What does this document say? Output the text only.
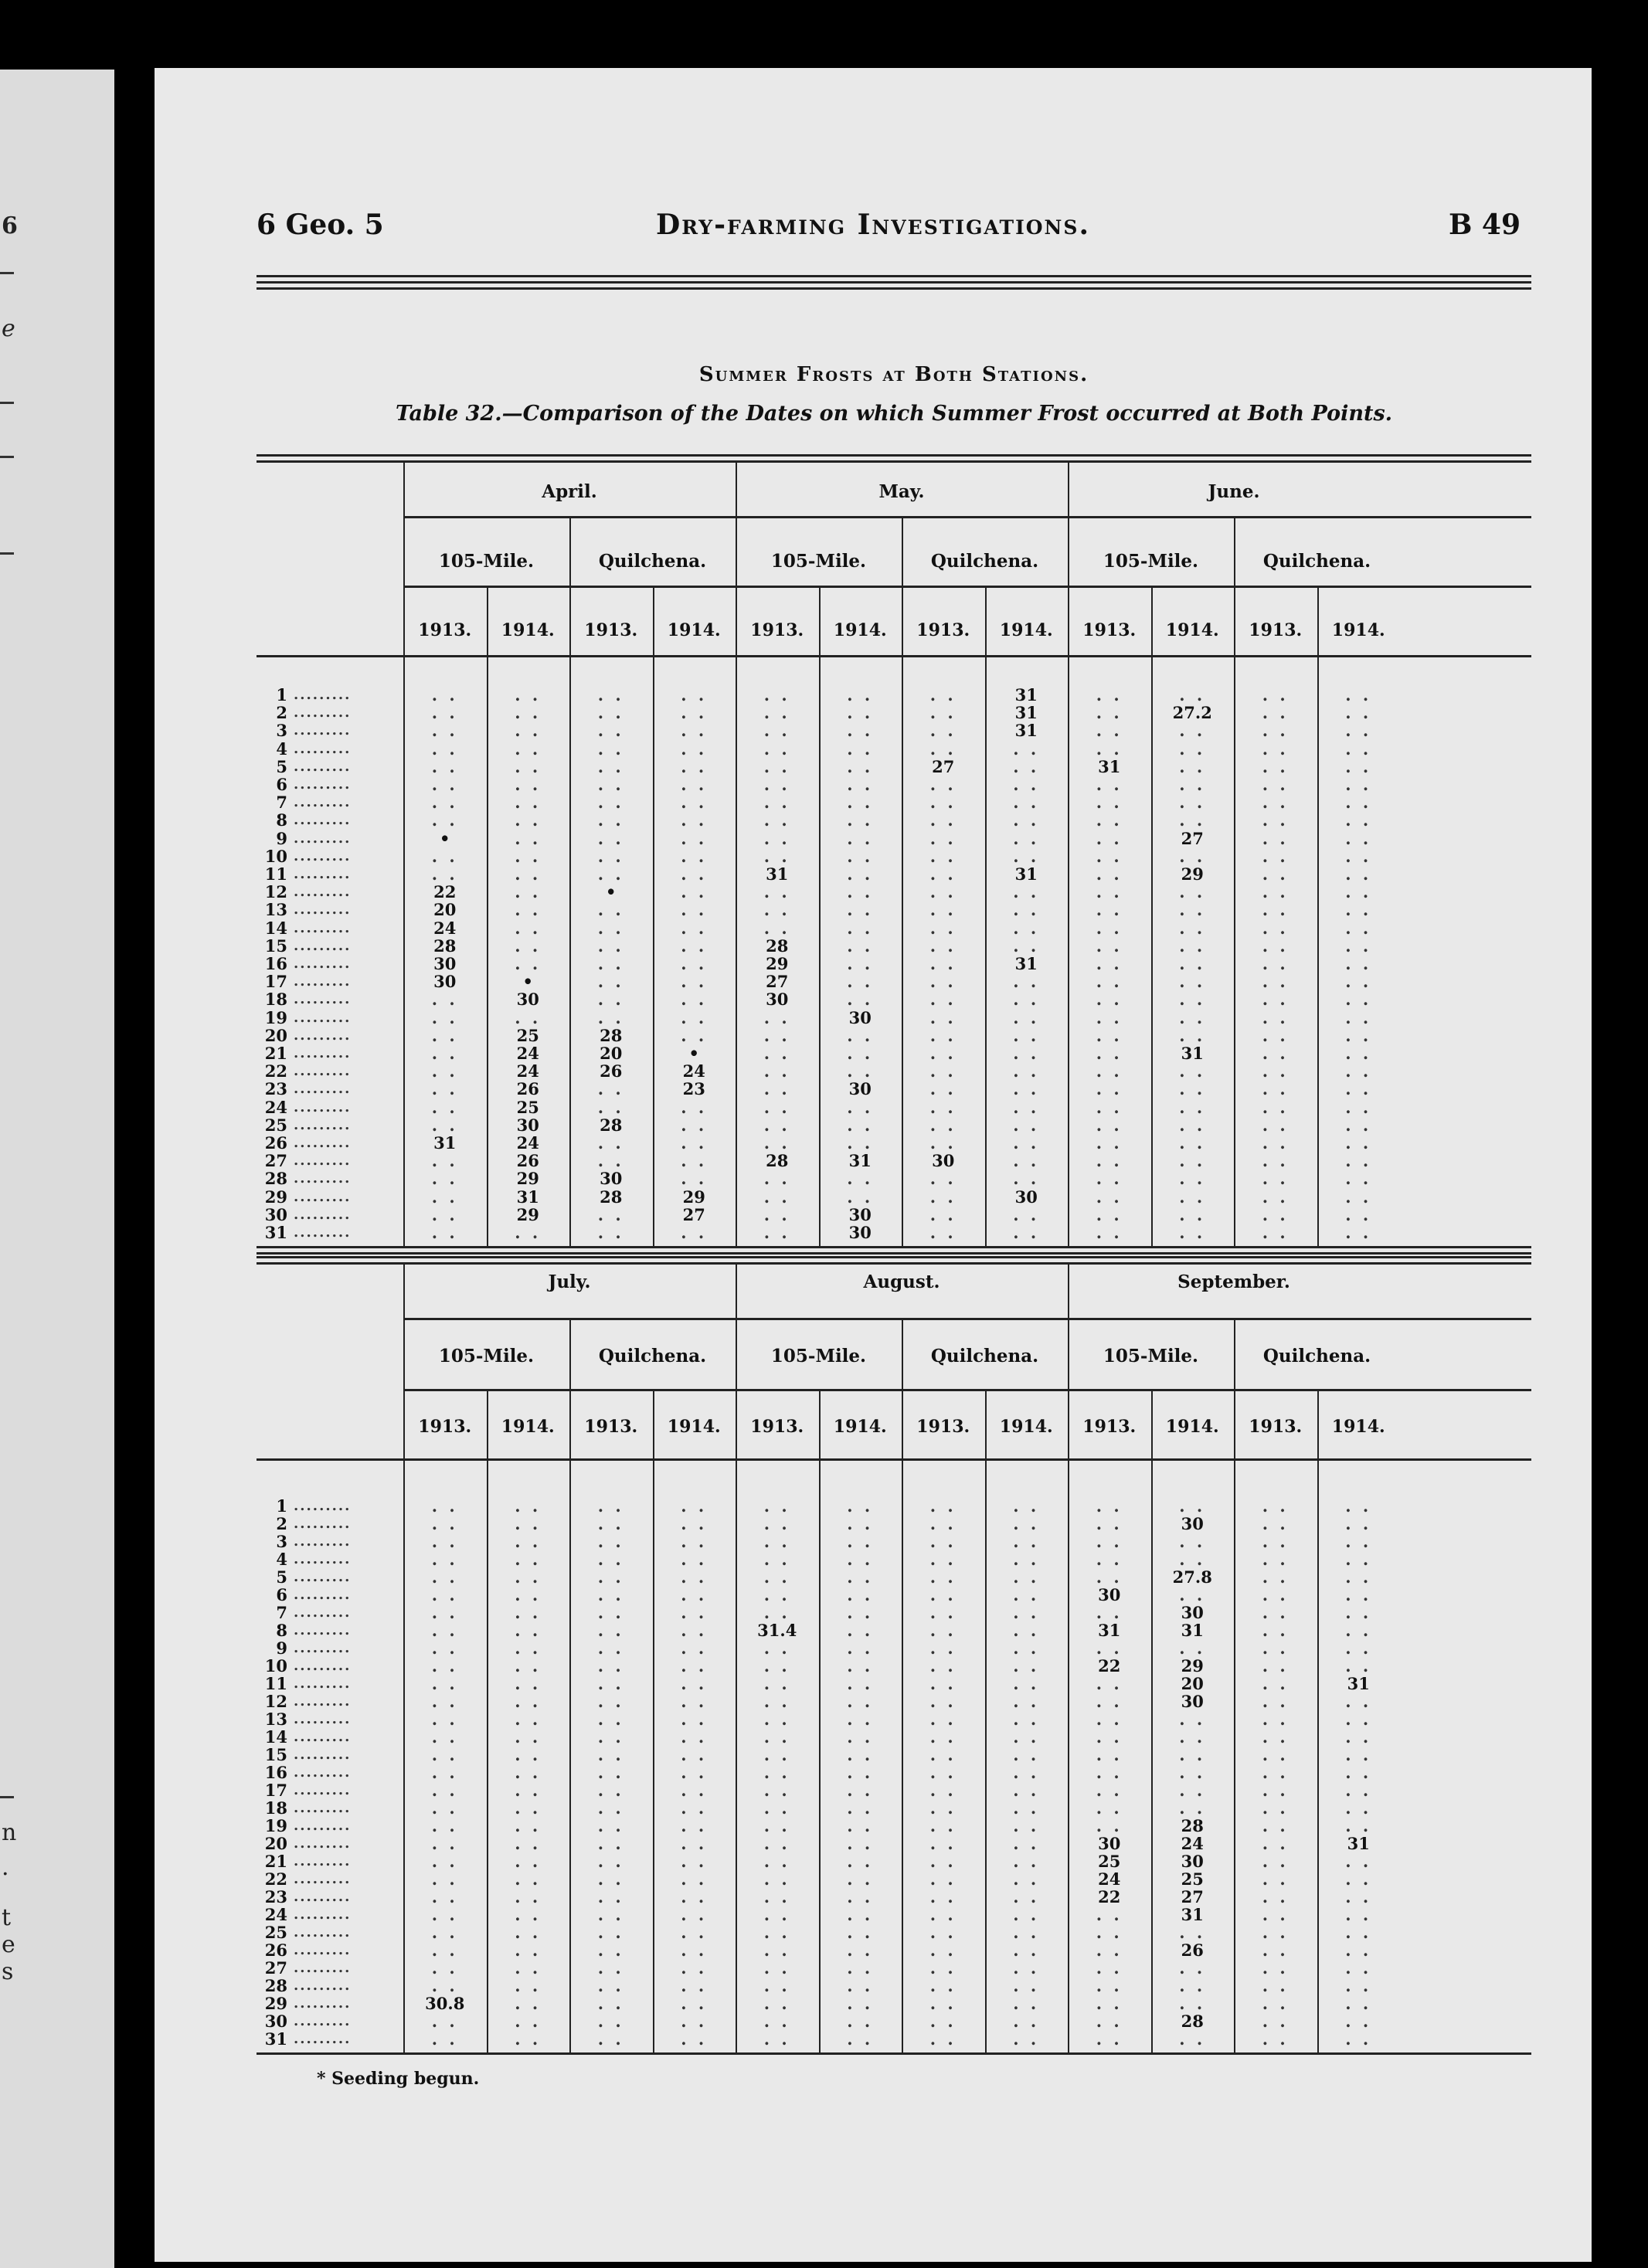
6
e
n
.
t
e
s
6 Geo. 5	Dry-farming Investigations.	B 49
Summer Frosts at Both Stations.
Table 32.—Comparison of the Dates on which Summer Frost occurred at Both Points.
April.	May.	June.
105-Mile.	Quilchena.	105-Mile.	Quilchena.	105-Mile.	Quilchena.
1913.	1914.	1913.	1914.	1913.	1914.	1913.	1914.	1913.	1914.	1913.	1914.
1 .........	. .	. .	. .	. .	. .	. .	. .	31	. .	. .	. .	. .
2 .........	. .	. .	. .	. .	. .	. .	. .	31	. .	27.2	. .	. .
3 .........	. .	. .	. .	. .	. .	. .	. .	31	. .	. .	. .	. .
4 .........	. .	. .	. .	. .	. .	. .	. .	. .	. .	. .	. .	. .
5 .........	. .	. .	. .	. .	. .	. .	27	. .	31	. .	. .	. .
6 .........	. .	. .	. .	. .	. .	. .	. .	. .	. .	. .	. .	. .
7 .........	. .	. .	. .	. .	. .	. .	. .	. .	. .	. .	. .	. .
8 .........	. .	. .	. .	. .	. .	. .	. .	. .	. .	. .	. .	. .
9 .........	•	. .	. .	. .	. .	. .	. .	. .	. .	27	. .	. .
10 .........	. .	. .	. .	. .	. .	. .	. .	. .	. .	. .	. .	. .
11 .........	. .	. .	. .	. .	31	. .	. .	31	. .	29	. .	. .
12 .........	22	. .	•	. .	. .	. .	. .	. .	. .	. .	. .	. .
13 .........	20	. .	. .	. .	. .	. .	. .	. .	. .	. .	. .	. .
14 .........	24	. .	. .	. .	. .	. .	. .	. .	. .	. .	. .	. .
15 .........	28	. .	. .	. .	28	. .	. .	. .	. .	. .	. .	. .
16 .........	30	. .	. .	. .	29	. .	. .	31	. .	. .	. .	. .
17 .........	30	•	. .	. .	27	. .	. .	. .	. .	. .	. .	. .
18 .........	. .	30	. .	. .	30	. .	. .	. .	. .	. .	. .	. .
19 .........	. .	. .	. .	. .	. .	30	. .	. .	. .	. .	. .	. .
20 .........	. .	25	28	. .	. .	. .	. .	. .	. .	. .	. .	. .
21 .........	. .	24	20	•	. .	. .	. .	. .	. .	31	. .	. .
22 .........	. .	24	26	24	. .	. .	. .	. .	. .	. .	. .	. .
23 .........	. .	26	. .	23	. .	30	. .	. .	. .	. .	. .	. .
24 .........	. .	25	. .	. .	. .	. .	. .	. .	. .	. .	. .	. .
25 .........	. .	30	28	. .	. .	. .	. .	. .	. .	. .	. .	. .
26 .........	31	24	. .	. .	. .	. .	. .	. .	. .	. .	. .	. .
27 .........	. .	26	. .	. .	28	31	30	. .	. .	. .	. .	. .
28 .........	. .	29	30	. .	. .	. .	. .	. .	. .	. .	. .	. .
29 .........	. .	31	28	29	. .	. .	. .	30	. .	. .	. .	. .
30 .........	. .	29	. .	27	. .	30	. .	. .	. .	. .	. .	. .
31 .........	. .	. .	. .	. .	. .	30	. .	. .	. .	. .	. .	. .
July.	August.	September.
105-Mile.	Quilchena.	105-Mile.	Quilchena.	105-Mile.	Quilchena.
1913.	1914.	1913.	1914.	1913.	1914.	1913.	1914.	1913.	1914.	1913.	1914.
1 .........	. .	. .	. .	. .	. .	. .	. .	. .	. .	. .	. .	. .
2 .........	. .	. .	. .	. .	. .	. .	. .	. .	. .	30	. .	. .
3 .........	. .	. .	. .	. .	. .	. .	. .	. .	. .	. .	. .	. .
4 .........	. .	. .	. .	. .	. .	. .	. .	. .	. .	. .	. .	. .
5 .........	. .	. .	. .	. .	. .	. .	. .	. .	. .	27.8	. .	. .
6 .........	. .	. .	. .	. .	. .	. .	. .	. .	30	. .	. .	. .
7 .........	. .	. .	. .	. .	. .	. .	. .	. .	. .	30	. .	. .
8 .........	. .	. .	. .	. .	31.4	. .	. .	. .	31	31	. .	. .
9 .........	. .	. .	. .	. .	. .	. .	. .	. .	. .	. .	. .	. .
10 .........	. .	. .	. .	. .	. .	. .	. .	. .	22	29	. .	. .
11 .........	. .	. .	. .	. .	. .	. .	. .	. .	. .	20	. .	31
12 .........	. .	. .	. .	. .	. .	. .	. .	. .	. .	30	. .	. .
13 .........	. .	. .	. .	. .	. .	. .	. .	. .	. .	. .	. .	. .
14 .........	. .	. .	. .	. .	. .	. .	. .	. .	. .	. .	. .	. .
15 .........	. .	. .	. .	. .	. .	. .	. .	. .	. .	. .	. .	. .
16 .........	. .	. .	. .	. .	. .	. .	. .	. .	. .	. .	. .	. .
17 .........	. .	. .	. .	. .	. .	. .	. .	. .	. .	. .	. .	. .
18 .........	. .	. .	. .	. .	. .	. .	. .	. .	. .	. .	. .	. .
19 .........	. .	. .	. .	. .	. .	. .	. .	. .	. .	28	. .	. .
20 .........	. .	. .	. .	. .	. .	. .	. .	. .	30	24	. .	31
21 .........	. .	. .	. .	. .	. .	. .	. .	. .	25	30	. .	. .
22 .........	. .	. .	. .	. .	. .	. .	. .	. .	24	25	. .	. .
23 .........	. .	. .	. .	. .	. .	. .	. .	. .	22	27	. .	. .
24 .........	. .	. .	. .	. .	. .	. .	. .	. .	. .	31	. .	. .
25 .........	. .	. .	. .	. .	. .	. .	. .	. .	. .	. .	. .	. .
26 .........	. .	. .	. .	. .	. .	. .	. .	. .	. .	26	. .	. .
27 .........	. .	. .	. .	. .	. .	. .	. .	. .	. .	. .	. .	. .
28 .........	. .	. .	. .	. .	. .	. .	. .	. .	. .	. .	. .	. .
29 .........	30.8	. .	. .	. .	. .	. .	. .	. .	. .	. .	. .	. .
30 .........	. .	. .	. .	. .	. .	. .	. .	. .	. .	28	. .	. .
31 .........	. .	. .	. .	. .	. .	. .	. .	. .	. .	. .	. .	. .
* Seeding begun.
